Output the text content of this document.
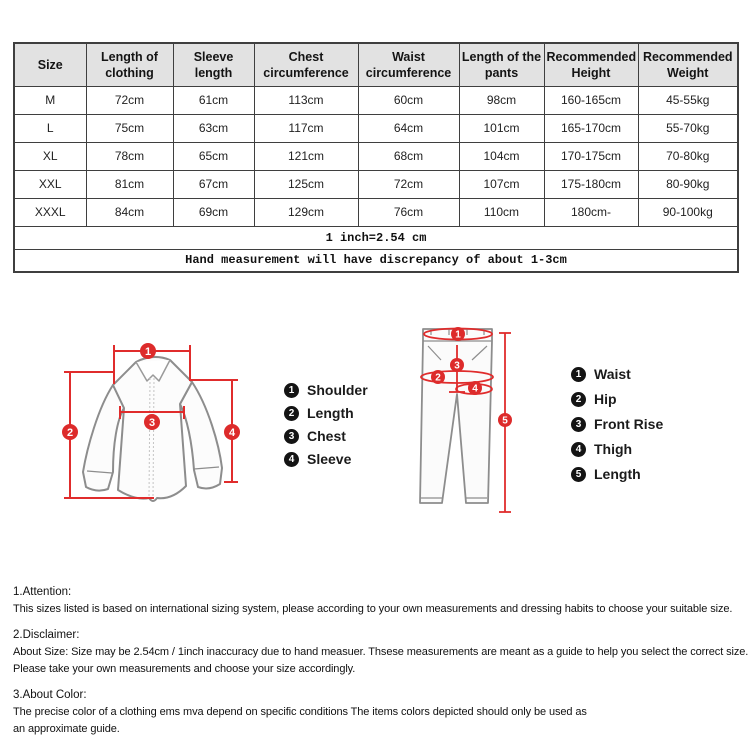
Size	Length of clothing	Sleeve length	Chest circumference	Waist circumference	Length of the pants	Recommended Height	Recommended Weight
M	72cm	61cm	113cm	60cm	98cm	160-165cm	45-55kg
L	75cm	63cm	117cm	64cm	101cm	165-170cm	55-70kg
XL	78cm	65cm	121cm	68cm	104cm	170-175cm	70-80kg
XXL	81cm	67cm	125cm	72cm	107cm	175-180cm	80-90kg
XXXL	84cm	69cm	129cm	76cm	110cm	180cm-	90-100kg
1 inch=2.54 cm							
Hand measurement will have discrepancy of about 1-3cm							
1
2
3
4
1 Shoulder
2 Length
3 Chest
4 Sleeve
1
2
3
4
5
1 Waist
2 Hip
3 Front Rise
4 Thigh
5 Length
1.Attention:
This sizes listed is based on international sizing system, please according to your own measurements and dressing habits to choose your suitable size.
2.Disclaimer:
About Size: Size may be 2.54cm / 1inch inaccuracy due to hand measuer. Thsese measurements are meant as a guide to help you select the correct size.
Please take your own measurements and choose your size accordingly.
3.About Color:
The precise color of a clothing ems mva depend on specific conditions The items colors depicted should only be used as
an approximate guide.
